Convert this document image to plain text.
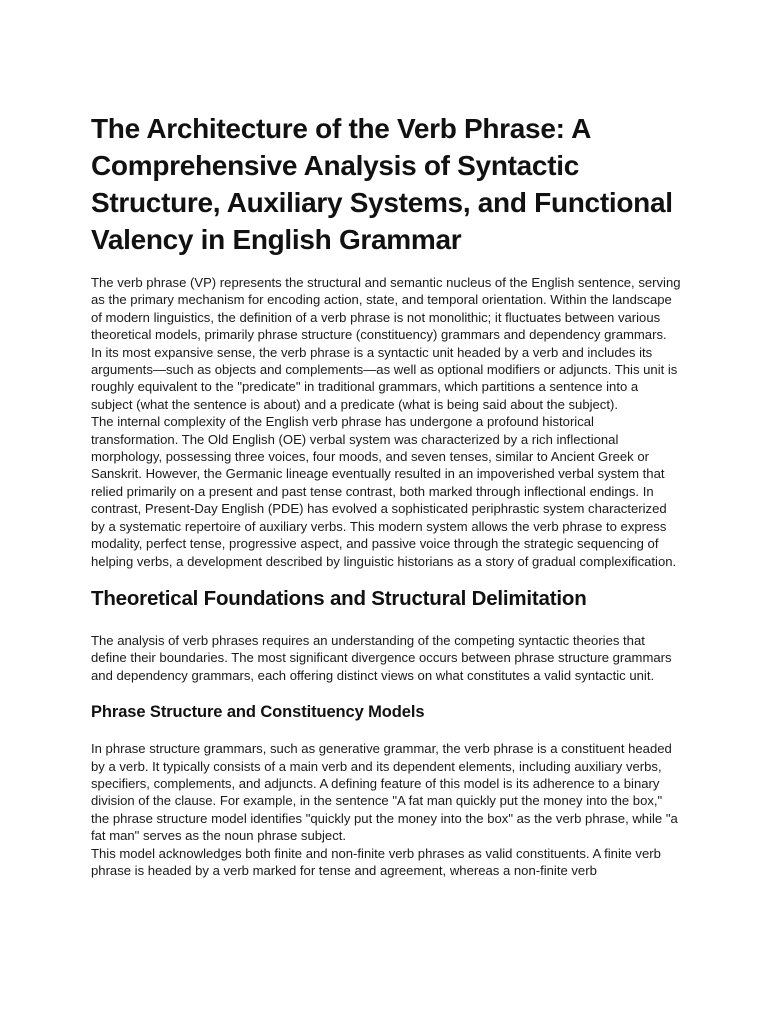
The Architecture of the Verb Phrase: A Comprehensive Analysis of Syntactic Structure, Auxiliary Systems, and Functional Valency in English Grammar

The verb phrase (VP) represents the structural and semantic nucleus of the English sentence, serving as the primary mechanism for encoding action, state, and temporal orientation. Within the landscape of modern linguistics, the definition of a verb phrase is not monolithic; it fluctuates between various theoretical models, primarily phrase structure (constituency) grammars and dependency grammars. In its most expansive sense, the verb phrase is a syntactic unit headed by a verb and includes its arguments—such as objects and complements—as well as optional modifiers or adjuncts. This unit is roughly equivalent to the "predicate" in traditional grammars, which partitions a sentence into a subject (what the sentence is about) and a predicate (what is being said about the subject).

The internal complexity of the English verb phrase has undergone a profound historical transformation. The Old English (OE) verbal system was characterized by a rich inflectional morphology, possessing three voices, four moods, and seven tenses, similar to Ancient Greek or Sanskrit. However, the Germanic lineage eventually resulted in an impoverished verbal system that relied primarily on a present and past tense contrast, both marked through inflectional endings. In contrast, Present-Day English (PDE) has evolved a sophisticated periphrastic system characterized by a systematic repertoire of auxiliary verbs. This modern system allows the verb phrase to express modality, perfect tense, progressive aspect, and passive voice through the strategic sequencing of helping verbs, a development described by linguistic historians as a story of gradual complexification.

Theoretical Foundations and Structural Delimitation

The analysis of verb phrases requires an understanding of the competing syntactic theories that define their boundaries. The most significant divergence occurs between phrase structure grammars and dependency grammars, each offering distinct views on what constitutes a valid syntactic unit.

Phrase Structure and Constituency Models

In phrase structure grammars, such as generative grammar, the verb phrase is a constituent headed by a verb. It typically consists of a main verb and its dependent elements, including auxiliary verbs, specifiers, complements, and adjuncts. A defining feature of this model is its adherence to a binary division of the clause. For example, in the sentence "A fat man quickly put the money into the box," the phrase structure model identifies "quickly put the money into the box" as the verb phrase, while "a fat man" serves as the noun phrase subject.

This model acknowledges both finite and non-finite verb phrases as valid constituents. A finite verb phrase is headed by a verb marked for tense and agreement, whereas a non-finite verb
